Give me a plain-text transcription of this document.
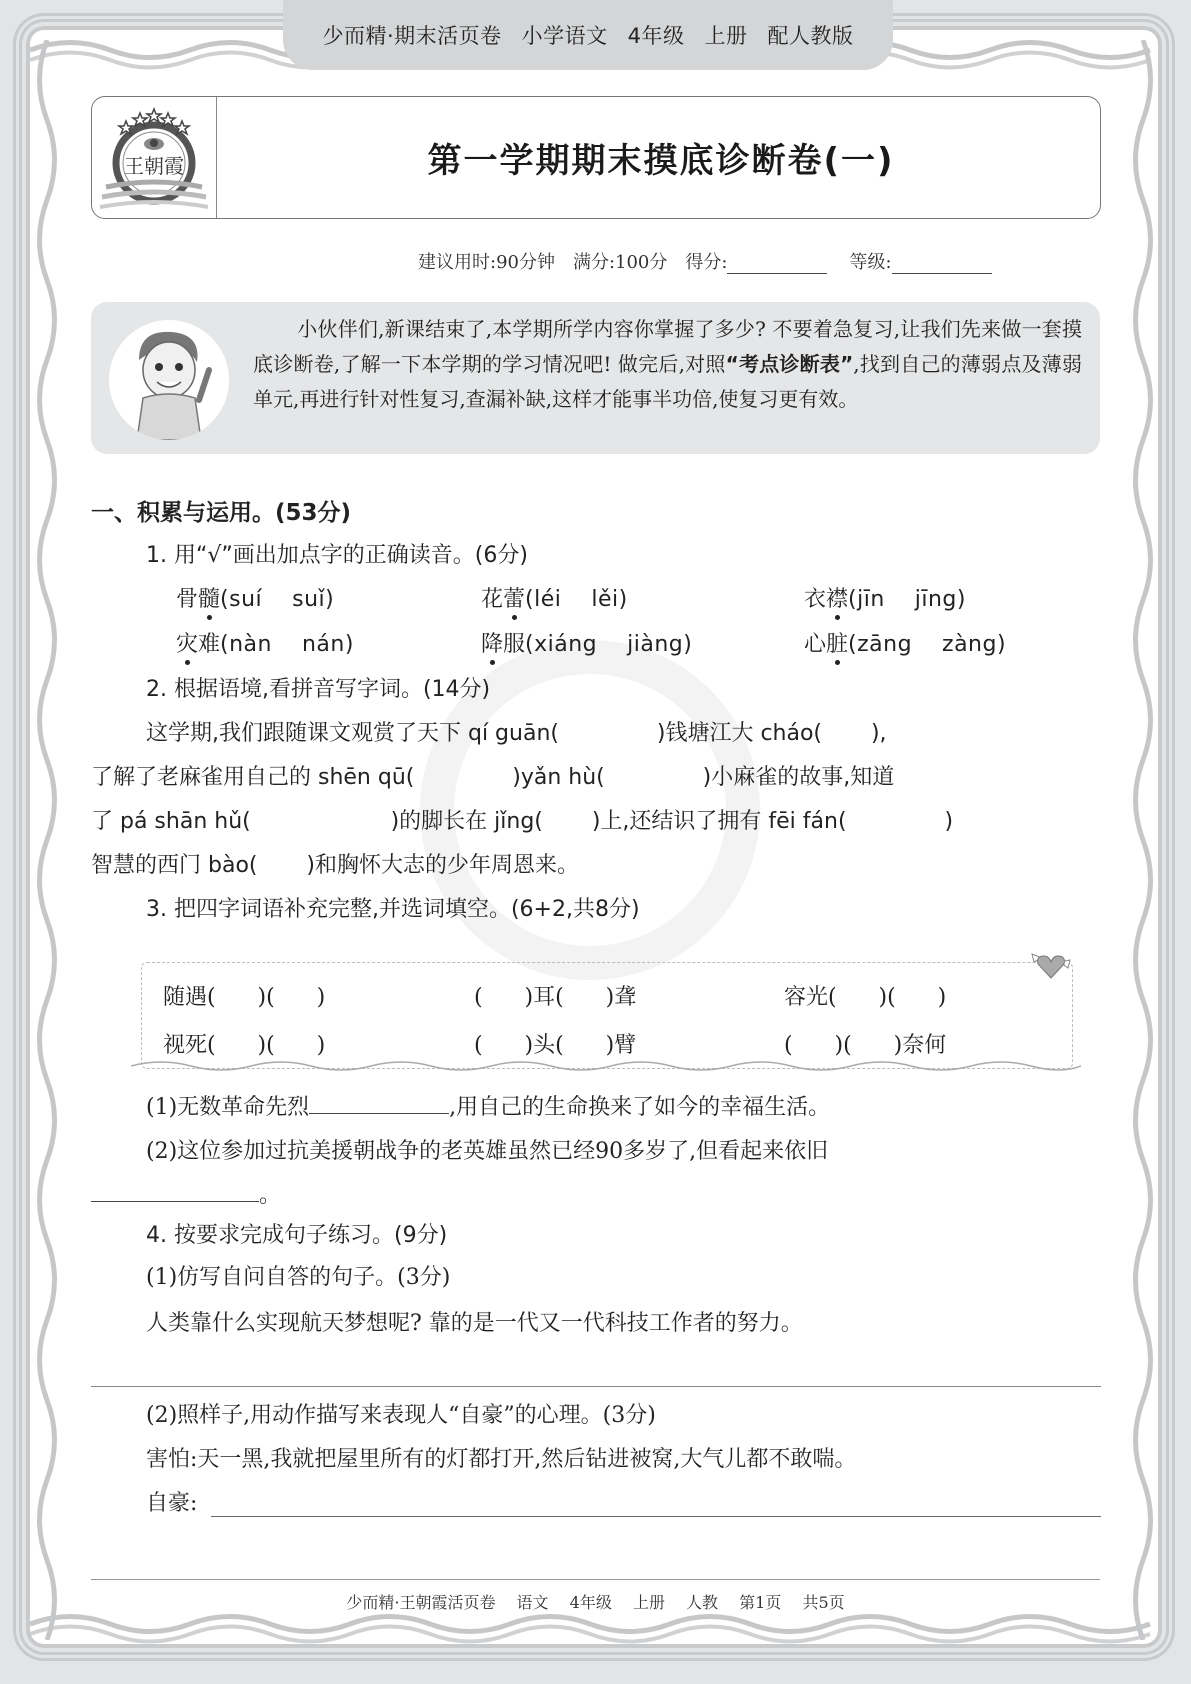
少而精·期末活页卷 小学语文 4年级 上册 配人教版
王朝霞	第一学期期末摸底诊断卷(一)
建议用时:90分钟 满分:100分 得分:	等级:
小伙伴们,新课结束了,本学期所学内容你掌握了多少? 不要着急复习,让我们先来做一套摸底诊断卷,了解一下本学期的学习情况吧! 做完后,对照“考点诊断表”,找到自己的薄弱点及薄弱单元,再进行针对性复习,查漏补缺,这样才能事半功倍,使复习更有效。
一、积累与运用。(53分)
1. 用“√”画出加点字的正确读音。(6分)
骨髓(suí    suǐ)	花蕾(léi    lěi)	衣襟(jīn    jīng)
灾难(nàn    nán)	降服(xiáng    jiàng)	心脏(zāng    zàng)
2. 根据语境,看拼音写字词。(14分)
这学期,我们跟随课文观赏了天下 qí guān(              )钱塘江大 cháo(       ),
了解了老麻雀用自己的 shēn qū(              )yǎn hù(              )小麻雀的故事,知道
了 pá shān hǔ(                    )的脚长在 jǐng(       )上,还结识了拥有 fēi fán(              )
智慧的西门 bào(       )和胸怀大志的少年周恩来。
3. 把四字词语补充完整,并选词填空。(6+2,共8分)
随遇(      )(      )	(      )耳(      )聋	容光(      )(      )
视死(      )(      )	(      )头(      )臂	(      )(      )奈何
(1)无数革命先烈	,用自己的生命换来了如今的幸福生活。
(2)这位参加过抗美援朝战争的老英雄虽然已经90多岁了,但看起来依旧
。
4. 按要求完成句子练习。(9分)
(1)仿写自问自答的句子。(3分)
人类靠什么实现航天梦想呢? 靠的是一代又一代科技工作者的努力。
(2)照样子,用动作描写来表现人“自豪”的心理。(3分)
害怕:天一黑,我就把屋里所有的灯都打开,然后钻进被窝,大气儿都不敢喘。
自豪:
少而精·王朝霞活页卷 语文 4年级 上册 人教 第1页 共5页
